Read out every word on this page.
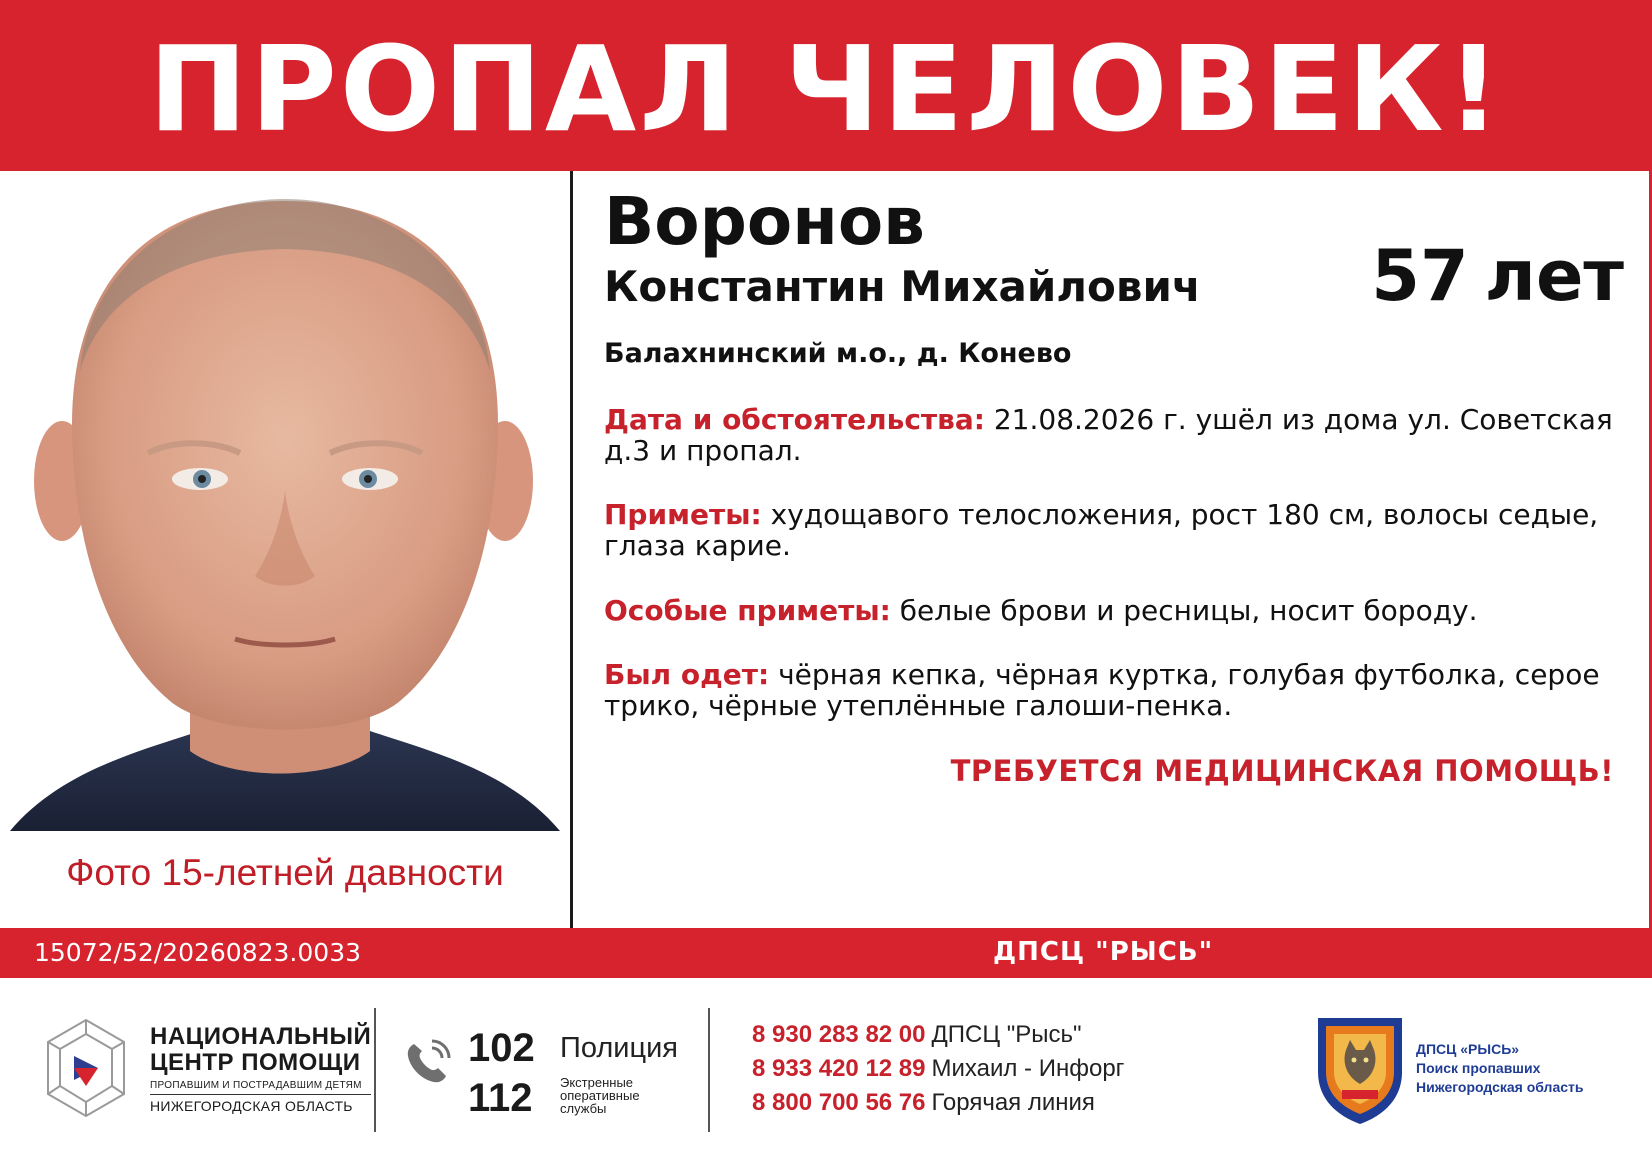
ПРОПАЛ ЧЕЛОВЕК!
Фото 15-летней давности
Воронов
Константин Михайлович 57 лет
Балахнинский м.о., д. Конево
Дата и обстоятельства: 21.08.2026 г. ушёл из дома ул. Советская д.3 и пропал.
Приметы: худощавого телосложения, рост 180 см, волосы седые, глаза карие.
Особые приметы: белые брови и ресницы, носит бороду.
Был одет: чёрная кепка, чёрная куртка, голубая футболка, серое трико, чёрные утеплённые галоши-пенка.
ТРЕБУЕТСЯ МЕДИЦИНСКАЯ ПОМОЩЬ!
15072/52/20260823.0033	ДПСЦ "РЫСЬ"
НАЦИОНАЛЬНЫЙ
ЦЕНТР ПОМОЩИ
ПРОПАВШИМ И ПОСТРАДАВШИМ ДЕТЯМ
НИЖЕГОРОДСКАЯ ОБЛАСТЬ
102 Полиция
112 Экстренные оперативные службы
8 930 283 82 00 ДПСЦ "Рысь"
8 933 420 12 89 Михаил - Инфорг
8 800 700 56 76 Горячая линия
ДПСЦ «РЫСЬ»
Поиск пропавших
Нижегородская область
